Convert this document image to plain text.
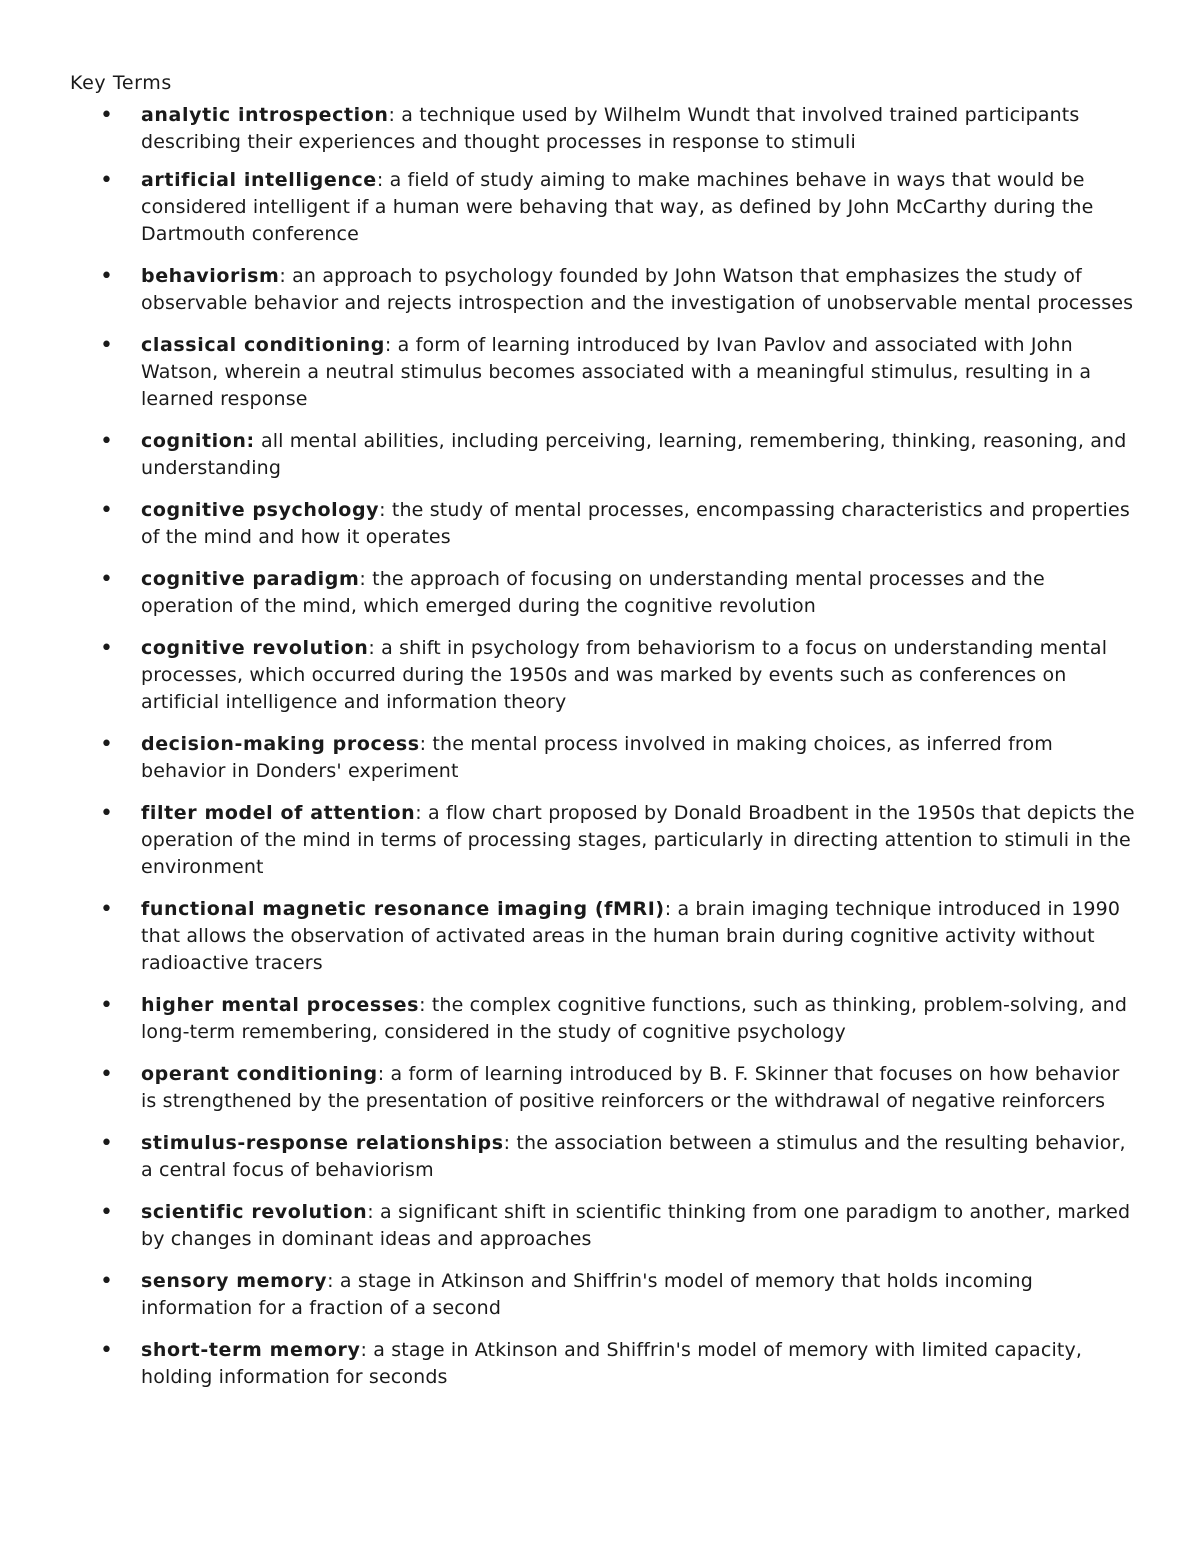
Key Terms
• analytic introspection: a technique used by Wilhelm Wundt that involved trained participants describing their experiences and thought processes in response to stimuli
• artificial intelligence: a field of study aiming to make machines behave in ways that would be considered intelligent if a human were behaving that way, as defined by John McCarthy during the Dartmouth conference
• behaviorism: an approach to psychology founded by John Watson that emphasizes the study of observable behavior and rejects introspection and the investigation of unobservable mental processes
• classical conditioning: a form of learning introduced by Ivan Pavlov and associated with John Watson, wherein a neutral stimulus becomes associated with a meaningful stimulus, resulting in a learned response
• cognition: all mental abilities, including perceiving, learning, remembering, thinking, reasoning, and understanding
• cognitive psychology: the study of mental processes, encompassing characteristics and properties of the mind and how it operates
• cognitive paradigm: the approach of focusing on understanding mental processes and the operation of the mind, which emerged during the cognitive revolution
• cognitive revolution: a shift in psychology from behaviorism to a focus on understanding mental processes, which occurred during the 1950s and was marked by events such as conferences on artificial intelligence and information theory
• decision-making process: the mental process involved in making choices, as inferred from behavior in Donders' experiment
• filter model of attention: a flow chart proposed by Donald Broadbent in the 1950s that depicts the operation of the mind in terms of processing stages, particularly in directing attention to stimuli in the environment
• functional magnetic resonance imaging (fMRI): a brain imaging technique introduced in 1990 that allows the observation of activated areas in the human brain during cognitive activity without radioactive tracers
• higher mental processes: the complex cognitive functions, such as thinking, problem-solving, and long-term remembering, considered in the study of cognitive psychology
• operant conditioning: a form of learning introduced by B. F. Skinner that focuses on how behavior is strengthened by the presentation of positive reinforcers or the withdrawal of negative reinforcers
• stimulus-response relationships: the association between a stimulus and the resulting behavior, a central focus of behaviorism
• scientific revolution: a significant shift in scientific thinking from one paradigm to another, marked by changes in dominant ideas and approaches
• sensory memory: a stage in Atkinson and Shiffrin's model of memory that holds incoming information for a fraction of a second
• short-term memory: a stage in Atkinson and Shiffrin's model of memory with limited capacity, holding information for seconds
